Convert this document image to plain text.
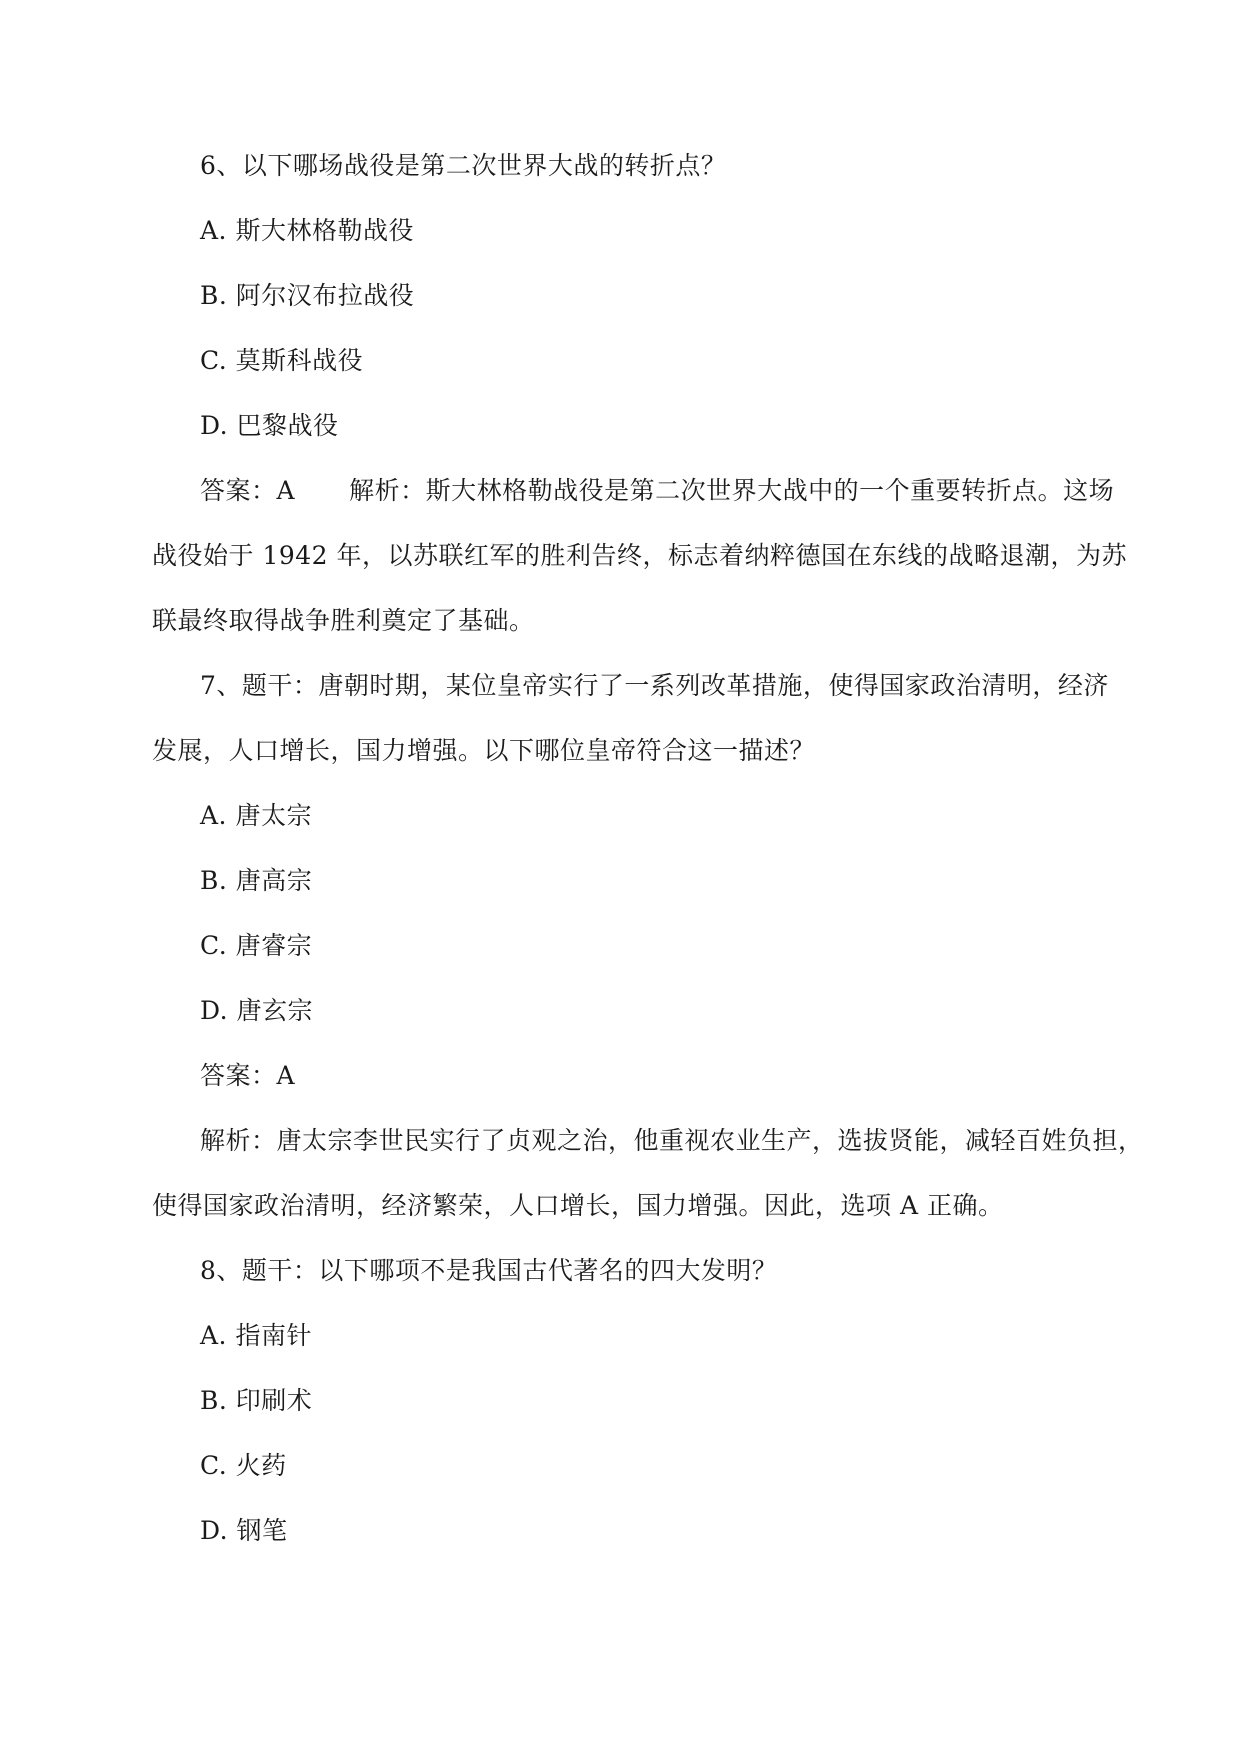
6、以下哪场战役是第二次世界大战的转折点？
A. 斯大林格勒战役
B. 阿尔汉布拉战役
C. 莫斯科战役
D. 巴黎战役
答案：A 解析：斯大林格勒战役是第二次世界大战中的一个重要转折点。这场
战役始于 1942 年，以苏联红军的胜利告终，标志着纳粹德国在东线的战略退潮，为苏
联最终取得战争胜利奠定了基础。
7、题干：唐朝时期，某位皇帝实行了一系列改革措施，使得国家政治清明，经济
发展，人口增长，国力增强。以下哪位皇帝符合这一描述？
A. 唐太宗
B. 唐高宗
C. 唐睿宗
D. 唐玄宗
答案：A
解析：唐太宗李世民实行了贞观之治，他重视农业生产，选拔贤能，减轻百姓负担，
使得国家政治清明，经济繁荣，人口增长，国力增强。因此，选项 A 正确。
8、题干：以下哪项不是我国古代著名的四大发明？
A. 指南针
B. 印刷术
C. 火药
D. 钢笔
